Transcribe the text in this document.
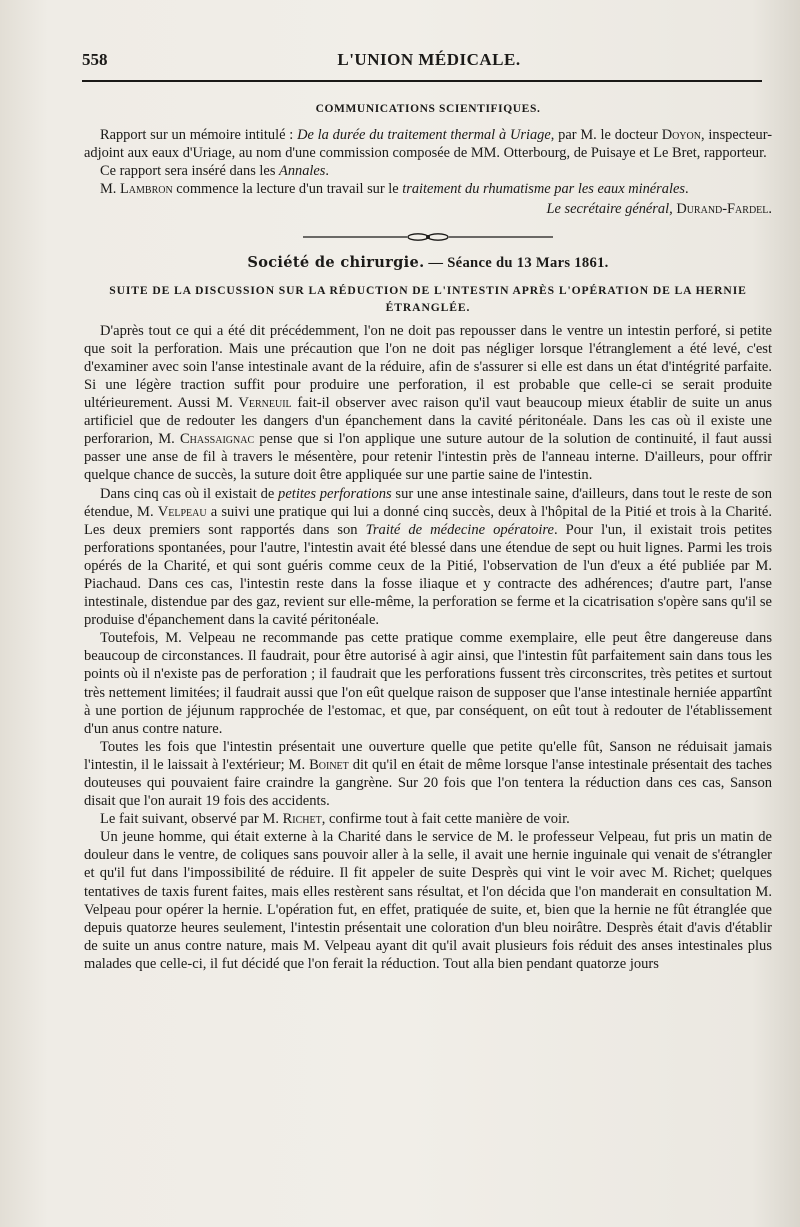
558	L'UNION MÉDICALE.
COMMUNICATIONS SCIENTIFIQUES.

Rapport sur un mémoire intitulé : De la durée du traitement thermal à Uriage, par M. le docteur Doyon, inspecteur-adjoint aux eaux d'Uriage, au nom d'une commission composée de MM. Otterbourg, de Puisaye et Le Bret, rapporteur.

Ce rapport sera inséré dans les Annales.

M. Lambron commence la lecture d'un travail sur le traitement du rhumatisme par les eaux minérales.

Le secrétaire général, Durand-Fardel.

Société de chirurgie. — Séance du 13 Mars 1861.
SUITE DE LA DISCUSSION SUR LA RÉDUCTION DE L'INTESTIN APRÈS L'OPÉRATION DE LA HERNIE ÉTRANGLÉE.

D'après tout ce qui a été dit précédemment, l'on ne doit pas repousser dans le ventre un intestin perforé, si petite que soit la perforation. Mais une précaution que l'on ne doit pas négliger lorsque l'étranglement a été levé, c'est d'examiner avec soin l'anse intestinale avant de la réduire, afin de s'assurer si elle est dans un état d'intégrité parfaite. Si une légère traction suffit pour produire une perforation, il est probable que celle-ci se serait produite ultérieurement. Aussi M. Verneuil fait-il observer avec raison qu'il vaut beaucoup mieux établir de suite un anus artificiel que de redouter les dangers d'un épanchement dans la cavité péritonéale. Dans les cas où il existe une perforarion, M. Chassaignac pense que si l'on applique une suture autour de la solution de continuité, il faut aussi passer une anse de fil à travers le mésentère, pour retenir l'intestin près de l'anneau interne. D'ailleurs, pour offrir quelque chance de succès, la suture doit être appliquée sur une partie saine de l'intestin.

Dans cinq cas où il existait de petites perforations sur une anse intestinale saine, d'ailleurs, dans tout le reste de son étendue, M. Velpeau a suivi une pratique qui lui a donné cinq succès, deux à l'hôpital de la Pitié et trois à la Charité. Les deux premiers sont rapportés dans son Traité de médecine opératoire. Pour l'un, il existait trois petites perforations spontanées, pour l'autre, l'intestin avait été blessé dans une étendue de sept ou huit lignes. Parmi les trois opérés de la Charité, et qui sont guéris comme ceux de la Pitié, l'observation de l'un d'eux a été publiée par M. Piachaud. Dans ces cas, l'intestin reste dans la fosse iliaque et y contracte des adhérences; d'autre part, l'anse intestinale, distendue par des gaz, revient sur elle-même, la perforation se ferme et la cicatrisation s'opère sans qu'il se produise d'épanchement dans la cavité péritonéale.

Toutefois, M. Velpeau ne recommande pas cette pratique comme exemplaire, elle peut être dangereuse dans beaucoup de circonstances. Il faudrait, pour être autorisé à agir ainsi, que l'intestin fût parfaitement sain dans tous les points où il n'existe pas de perforation ; il faudrait que les perforations fussent très circonscrites, très petites et surtout très nettement limitées; il faudrait aussi que l'on eût quelque raison de supposer que l'anse intestinale herniée appartînt à une portion de jéjunum rapprochée de l'estomac, et que, par conséquent, on eût tout à redouter de l'établissement d'un anus contre nature.

Toutes les fois que l'intestin présentait une ouverture quelle que petite qu'elle fût, Sanson ne réduisait jamais l'intestin, il le laissait à l'extérieur; M. Boinet dit qu'il en était de même lorsque l'anse intestinale présentait des taches douteuses qui pouvaient faire craindre la gangrène. Sur 20 fois que l'on tentera la réduction dans ces cas, Sanson disait que l'on aurait 19 fois des accidents.

Le fait suivant, observé par M. Richet, confirme tout à fait cette manière de voir.

Un jeune homme, qui était externe à la Charité dans le service de M. le professeur Velpeau, fut pris un matin de douleur dans le ventre, de coliques sans pouvoir aller à la selle, il avait une hernie inguinale qui venait de s'étrangler et qu'il fut dans l'impossibilité de réduire. Il fit appeler de suite Desprès qui vint le voir avec M. Richet; quelques tentatives de taxis furent faites, mais elles restèrent sans résultat, et l'on décida que l'on manderait en consultation M. Velpeau pour opérer la hernie. L'opération fut, en effet, pratiquée de suite, et, bien que la hernie ne fût étranglée que depuis quatorze heures seulement, l'intestin présentait une coloration d'un bleu noirâtre. Desprès était d'avis d'établir de suite un anus contre nature, mais M. Velpeau ayant dit qu'il avait plusieurs fois réduit des anses intestinales plus malades que celle-ci, il fut décidé que l'on ferait la réduction. Tout alla bien pendant quatorze jours
